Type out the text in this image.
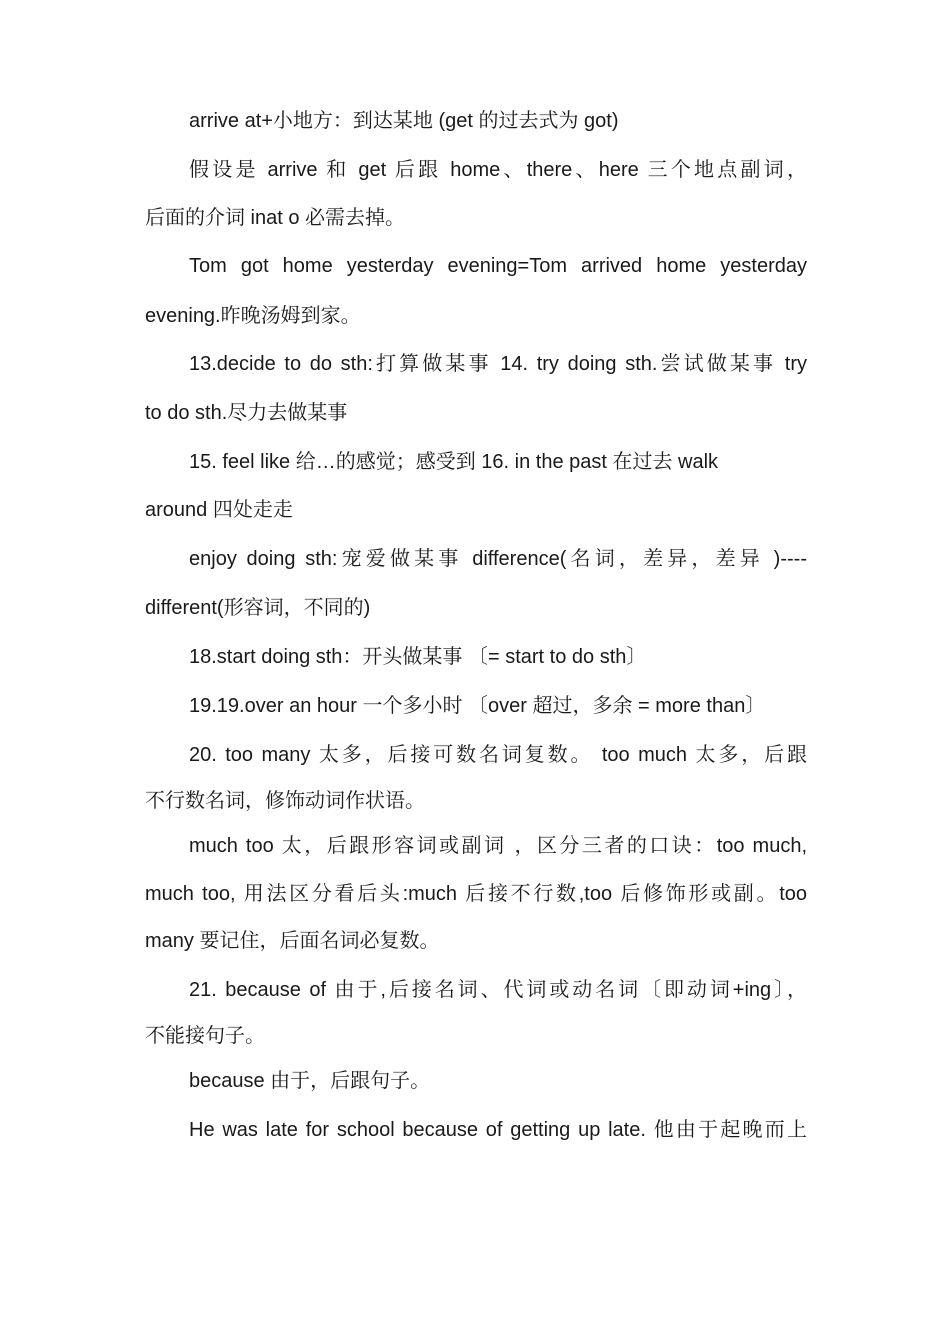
arrive at+小地方：到达某地 (get 的过去式为 got)
假设是 arrive 和 get 后跟 home、there、here 三个地点副词，
后面的介词 inat o 必需去掉。
Tom got home yesterday evening=Tom arrived home yesterday
evening.昨晚汤姆到家。
13.decide to do sth:打算做某事 14. try doing sth.尝试做某事 try
to do sth.尽力去做某事
15. feel like 给…的感觉；感受到 16. in the past 在过去 walk
around 四处走走
enjoy doing sth:宠爱做某事 difference(名词，差异，差异 )----
different(形容词，不同的)
18.start doing sth：开头做某事 〔= start to do sth〕
19.19.over an hour 一个多小时 〔over 超过，多余 = more than〕
20. too many 太多，后接可数名词复数。 too much 太多，后跟
不行数名词，修饰动词作状语。
much too 太，后跟形容词或副词 ，区分三者的口诀：too much,
much too, 用法区分看后头:much 后接不行数,too 后修饰形或副。too
many 要记住，后面名词必复数。
21. because of 由于,后接名词、代词或动名词〔即动词+ing〕，
不能接句子。
because 由于，后跟句子。
He was late for school because of getting up late. 他由于起晚而上
